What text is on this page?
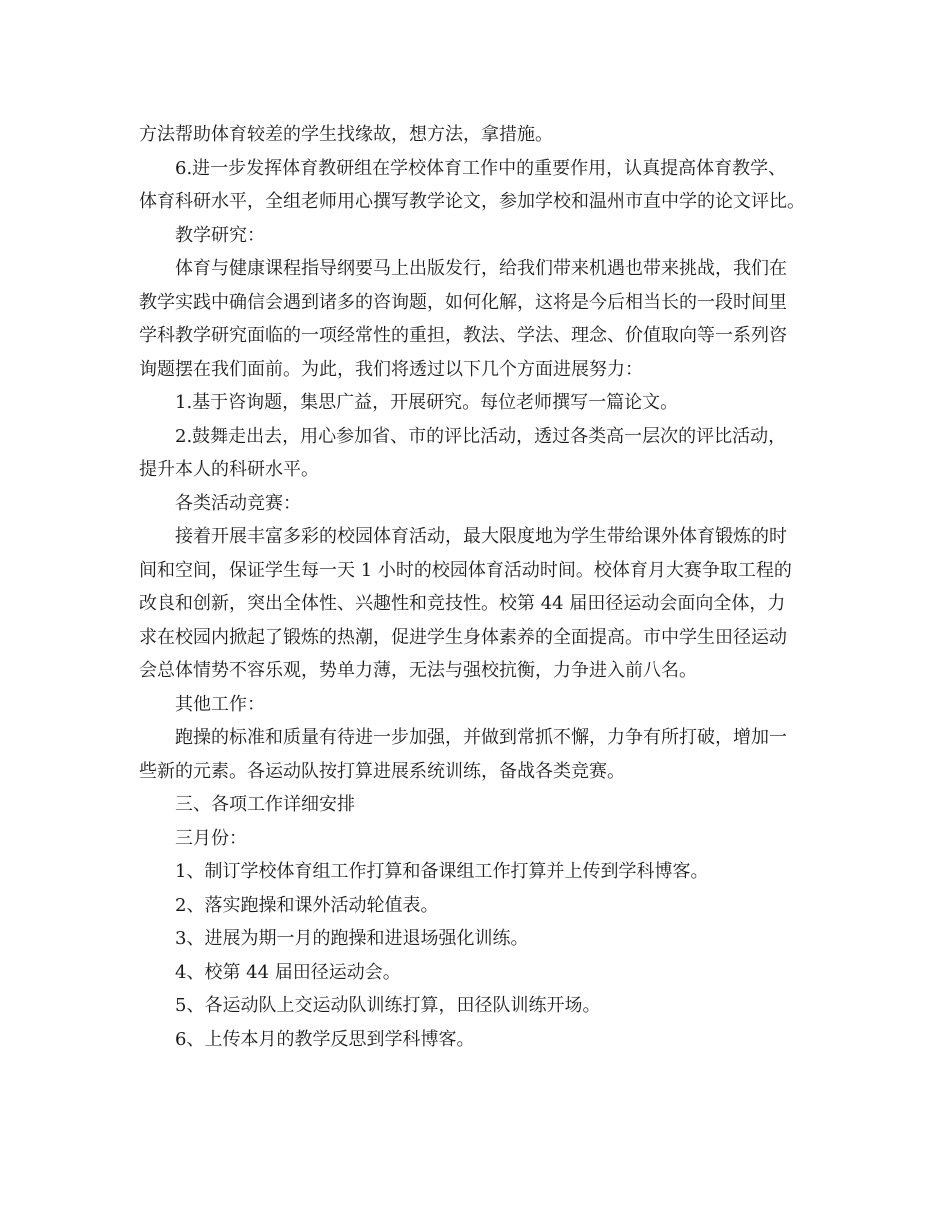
方法帮助体育较差的学生找缘故，想方法，拿措施。
6.进一步发挥体育教研组在学校体育工作中的重要作用，认真提高体育教学、
体育科研水平，全组老师用心撰写教学论文，参加学校和温州市直中学的论文评比。
教学研究：
体育与健康课程指导纲要马上出版发行，给我们带来机遇也带来挑战，我们在
教学实践中确信会遇到诸多的咨询题，如何化解，这将是今后相当长的一段时间里
学科教学研究面临的一项经常性的重担，教法、学法、理念、价值取向等一系列咨
询题摆在我们面前。为此，我们将透过以下几个方面进展努力：
1.基于咨询题，集思广益，开展研究。每位老师撰写一篇论文。
2.鼓舞走出去，用心参加省、市的评比活动，透过各类高一层次的评比活动，
提升本人的科研水平。
各类活动竞赛：
接着开展丰富多彩的校园体育活动，最大限度地为学生带给课外体育锻炼的时
间和空间，保证学生每一天 1 小时的校园体育活动时间。校体育月大赛争取工程的
改良和创新，突出全体性、兴趣性和竞技性。校第 44 届田径运动会面向全体，力
求在校园内掀起了锻炼的热潮，促进学生身体素养的全面提高。市中学生田径运动
会总体情势不容乐观，势单力薄，无法与强校抗衡，力争进入前八名。
其他工作：
跑操的标准和质量有待进一步加强，并做到常抓不懈，力争有所打破，增加一
些新的元素。各运动队按打算进展系统训练，备战各类竞赛。
三、各项工作详细安排
三月份：
1、制订学校体育组工作打算和备课组工作打算并上传到学科博客。
2、落实跑操和课外活动轮值表。
3、进展为期一月的跑操和进退场强化训练。
4、校第 44 届田径运动会。
5、各运动队上交运动队训练打算，田径队训练开场。
6、上传本月的教学反思到学科博客。
